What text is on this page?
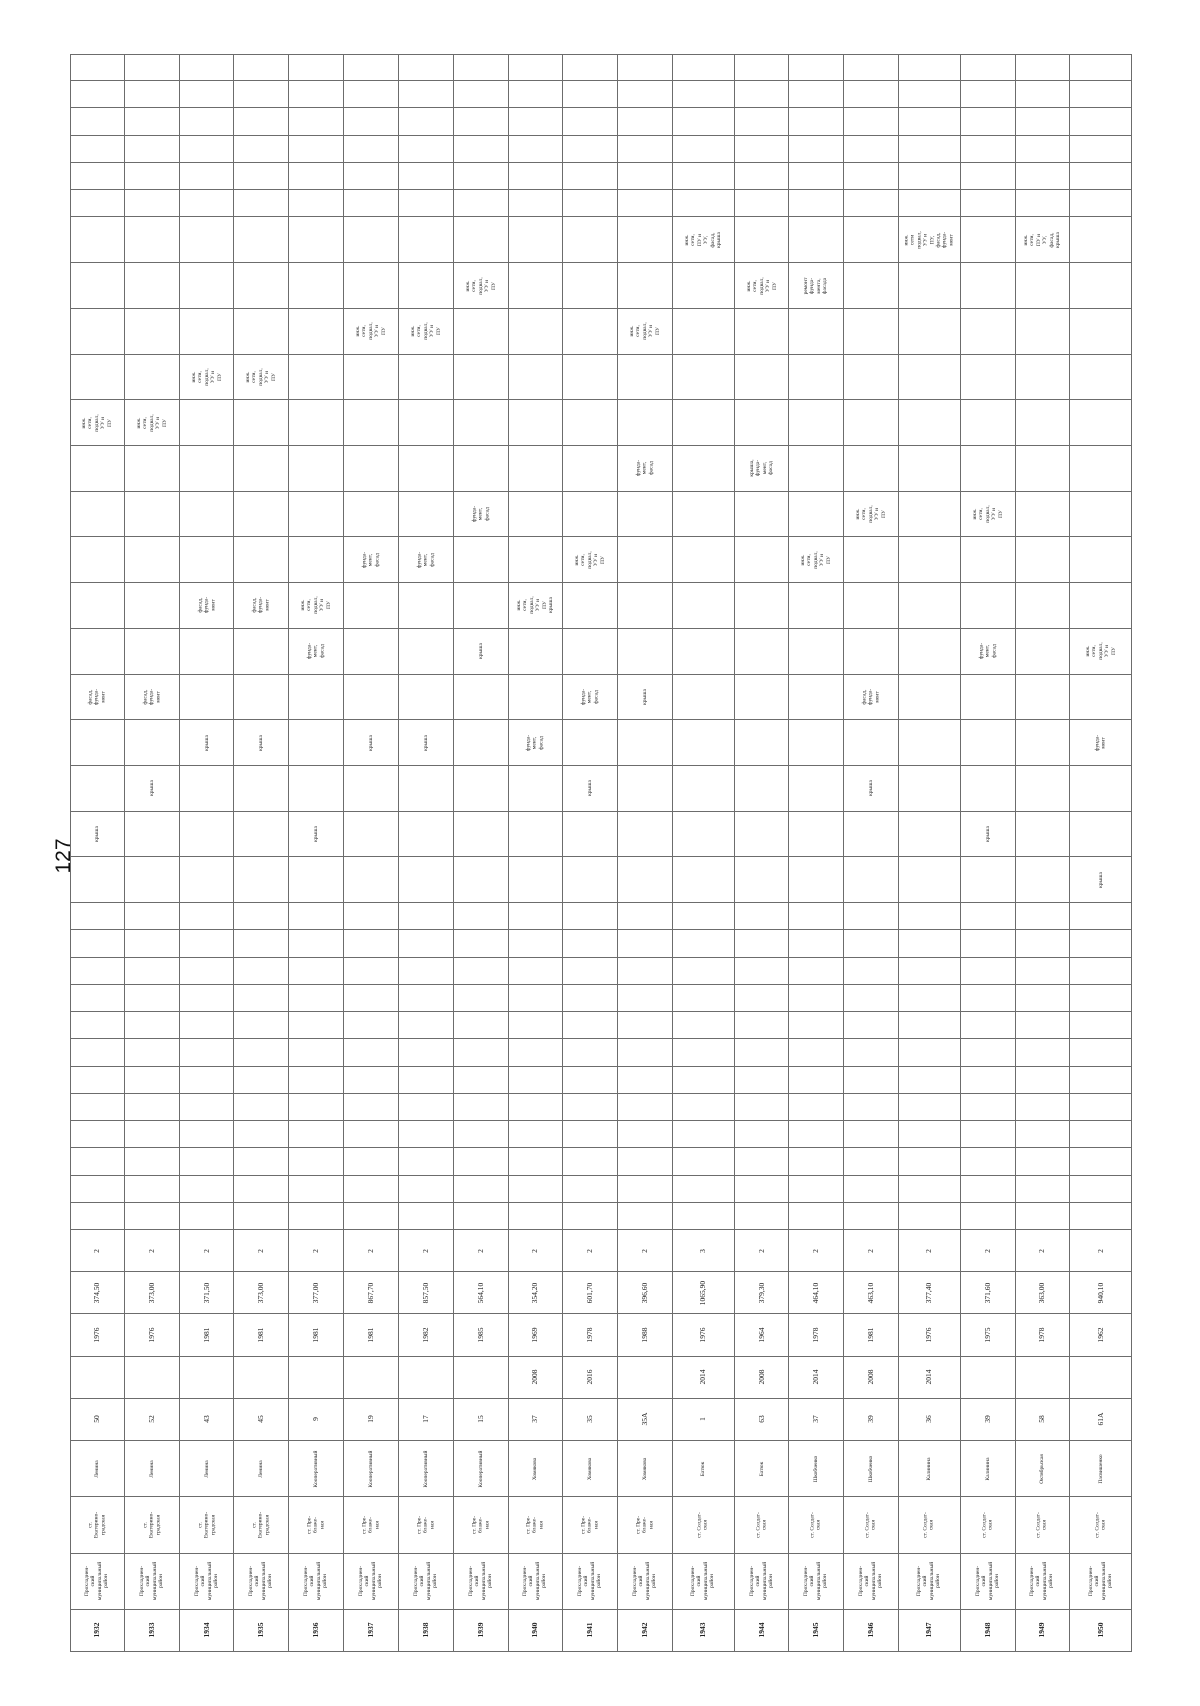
127
инж.
сети,
подвал,
УУ и
ПУ
фасад,
фунда-
мент
крыша
2
374,50
1976
50
Ленина
ст.
Екатерино-
градская
Прохладнен-
ский
муниципальный
район
1932
инж.
сети,
подвал,
УУ и
ПУ
фасад,
фунда-
мент
крыша
2
373,00
1976
52
Ленина
ст.
Екатерино-
градская
Прохладнен-
ский
муниципальный
район
1933
инж.
сети,
подвал,
УУ и
ПУ
фасад,
фунда-
мент
крыша
2
371,50
1981
43
Ленина
ст.
Екатерино-
градская
Прохладнен-
ский
муниципальный
район
1934
инж.
сети,
подвал,
УУ и
ПУ
фасад,
фунда-
мент
крыша
2
373,00
1981
45
Ленина
ст.
Екатерино-
градская
Прохладнен-
ский
муниципальный
район
1935
инж.
сети,
подвал,
УУ и
ПУ
фунда-
мент,
фасад
крыша
2
377,00
1981
9
Кооперативный
ст. Пре-
блаже-
ная
Прохладнен-
ский
муниципальный
район
1936
инж.
сети,
подвал,
УУ и
ПУ
фунда-
мент,
фасад
крыша
2
867,70
1981
19
Кооперативный
ст. Пре-
блаже-
ная
Прохладнен-
ский
муниципальный
район
1937
инж.
сети,
подвал,
УУ и
ПУ
фунда-
мент,
фасад
крыша
2
857,50
1982
17
Кооперативный
ст. Пре-
блаже-
ная
Прохладнен-
ский
муниципальный
район
1938
инж.
сети,
подвал,
УУ и
ПУ
фунда-
мент,
фасад
крыша
2
564,10
1985
15
Кооперативный
ст. Пре-
блаже-
ная
Прохладнен-
ский
муниципальный
район
1939
инж.
сети,
подвал,
УУ и
ПУ
крыша
фунда-
мент,
фасад
2
354,20
1969
2008
37
Хомякова
ст. Пре-
блаже-
ная
Прохладнен-
ский
муниципальный
район
1940
инж.
сети,
подвал,
УУ и
ПУ
фунда-
мент,
фасад
крыша
2
601,70
1978
2016
35
Хомякова
ст. Пре-
блаже-
ная
Прохладнен-
ский
муниципальный
район
1941
инж.
сети,
подвал,
УУ и
ПУ
фунда-
мент,
фасад
крыша
2
396,60
1988
35А
Хомякова
ст. Пре-
блаже-
ная
Прохладнен-
ский
муниципальный
район
1942
инж.
сети,
ПУ и
УУ,
фасад,
крыша
3
1065,90
1976
2014
1
Батюк
ст. Солдат-
ская
Прохладнен-
ский
муниципальный
район
1943
инж.
сети,
подвал,
УУ и
ПУ
крыша,
фунда-
мент,
фасад
2
379,30
1964
2008
63
Батюк
ст. Солдат-
ская
Прохладнен-
ский
муниципальный
район
1944
ремонт
фунда-
мента,
фасада
инж.
сети,
подвал,
УУ и
ПУ
2
464,10
1978
2014
37
Шкобченко
ст. Солдат-
ская
Прохладнен-
ский
муниципальный
район
1945
инж.
сети,
подвал,
УУ и
ПУ
фасад,
фунда-
мент
крыша
2
463,10
1981
2008
39
Шкобченко
ст. Солдат-
ская
Прохладнен-
ский
муниципальный
район
1946
инж.
сети
подвал,
УУ и
ПУ,
фасад,
фунда-
мент
2
377,40
1976
2014
36
Калинина
ст. Солдат-
ская
Прохладнен-
ский
муниципальный
район
1947
инж.
сети,
подвал,
УУ и
ПУ
фунда-
мент,
фасад
крыша
2
371,60
1975
39
Калинина
ст. Солдат-
ская
Прохладнен-
ский
муниципальный
район
1948
инж.
сети,
ПУ и
УУ,
фасад,
крыша
2
363,00
1978
58
Октябрьская
ст. Солдат-
ская
Прохладнен-
ский
муниципальный
район
1949
инж.
сети,
подвал,
УУ и
ПУ
фунда-
мент
крыша
2
940,10
1962
61А
Пасвишенко
ст. Солдат-
ская
Прохладнен-
ский
муниципальный
район
1950
